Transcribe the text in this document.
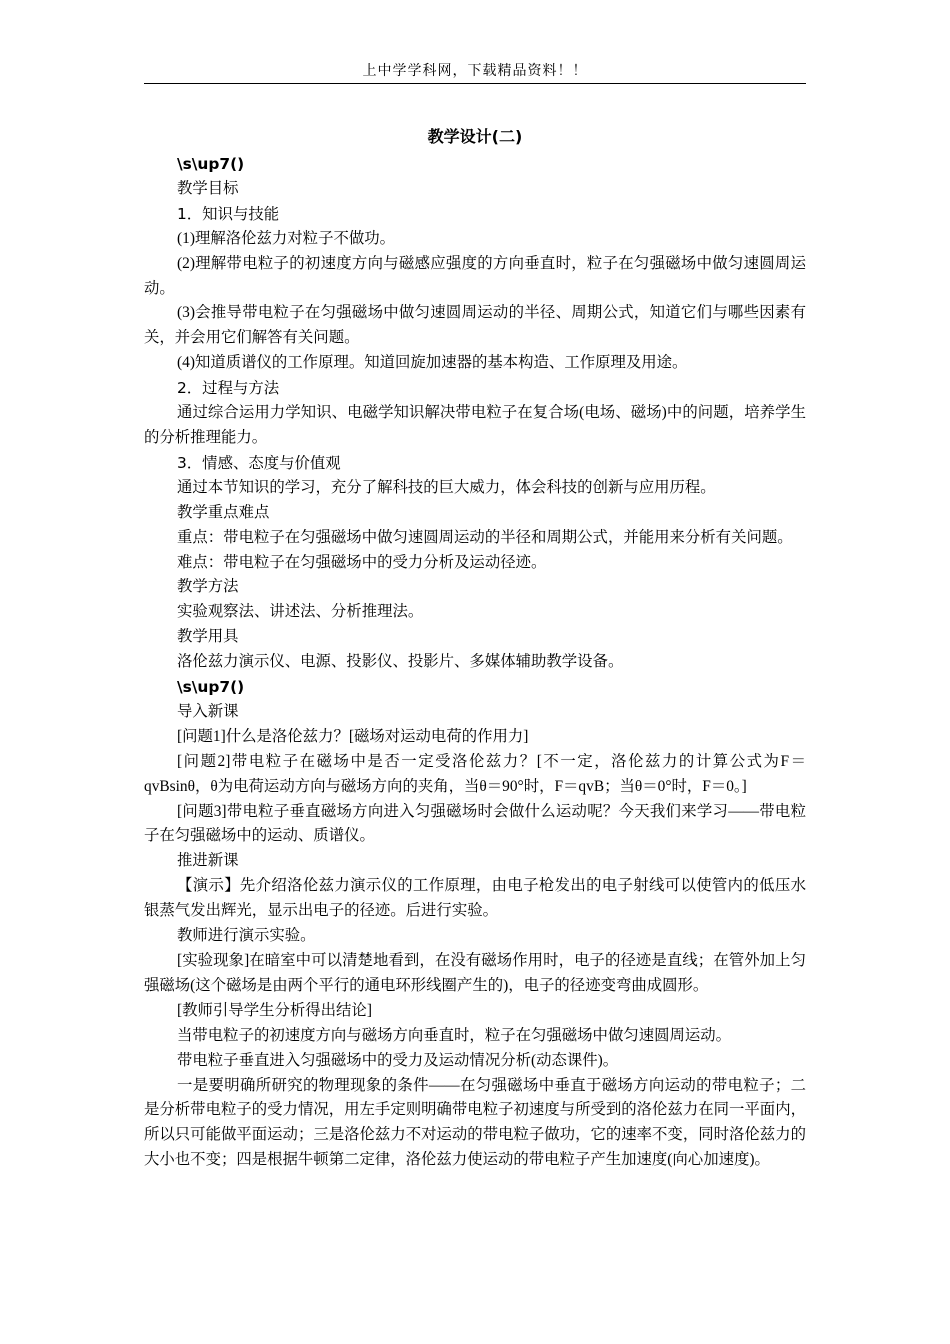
上中学学科网，下载精品资料！！
教学设计(二)

\s\up7()

教学目标

1．知识与技能

(1)理解洛伦兹力对粒子不做功。

(2)理解带电粒子的初速度方向与磁感应强度的方向垂直时，粒子在匀强磁场中做匀速圆周运动。

(3)会推导带电粒子在匀强磁场中做匀速圆周运动的半径、周期公式，知道它们与哪些因素有关，并会用它们解答有关问题。

(4)知道质谱仪的工作原理。知道回旋加速器的基本构造、工作原理及用途。

2．过程与方法

通过综合运用力学知识、电磁学知识解决带电粒子在复合场(电场、磁场)中的问题，培养学生的分析推理能力。

3．情感、态度与价值观

通过本节知识的学习，充分了解科技的巨大威力，体会科技的创新与应用历程。

教学重点难点

重点：带电粒子在匀强磁场中做匀速圆周运动的半径和周期公式，并能用来分析有关问题。

难点：带电粒子在匀强磁场中的受力分析及运动径迹。

教学方法

实验观察法、讲述法、分析推理法。

教学用具

洛伦兹力演示仪、电源、投影仪、投影片、多媒体辅助教学设备。

\s\up7()

导入新课

[问题1]什么是洛伦兹力？[磁场对运动电荷的作用力]

[问题2]带电粒子在磁场中是否一定受洛伦兹力？[不一定，洛伦兹力的计算公式为F＝qvBsinθ，θ为电荷运动方向与磁场方向的夹角，当θ＝90°时，F＝qvB；当θ＝0°时，F＝0。]

[问题3]带电粒子垂直磁场方向进入匀强磁场时会做什么运动呢？今天我们来学习——带电粒子在匀强磁场中的运动、质谱仪。

推进新课

【演示】先介绍洛伦兹力演示仪的工作原理，由电子枪发出的电子射线可以使管内的低压水银蒸气发出辉光，显示出电子的径迹。后进行实验。

教师进行演示实验。

[实验现象]在暗室中可以清楚地看到，在没有磁场作用时，电子的径迹是直线；在管外加上匀强磁场(这个磁场是由两个平行的通电环形线圈产生的)，电子的径迹变弯曲成圆形。

[教师引导学生分析得出结论]

当带电粒子的初速度方向与磁场方向垂直时，粒子在匀强磁场中做匀速圆周运动。

带电粒子垂直进入匀强磁场中的受力及运动情况分析(动态课件)。

一是要明确所研究的物理现象的条件——在匀强磁场中垂直于磁场方向运动的带电粒子；二是分析带电粒子的受力情况，用左手定则明确带电粒子初速度与所受到的洛伦兹力在同一平面内，所以只可能做平面运动；三是洛伦兹力不对运动的带电粒子做功，它的速率不变，同时洛伦兹力的大小也不变；四是根据牛顿第二定律，洛伦兹力使运动的带电粒子产生加速度(向心加速度)。
